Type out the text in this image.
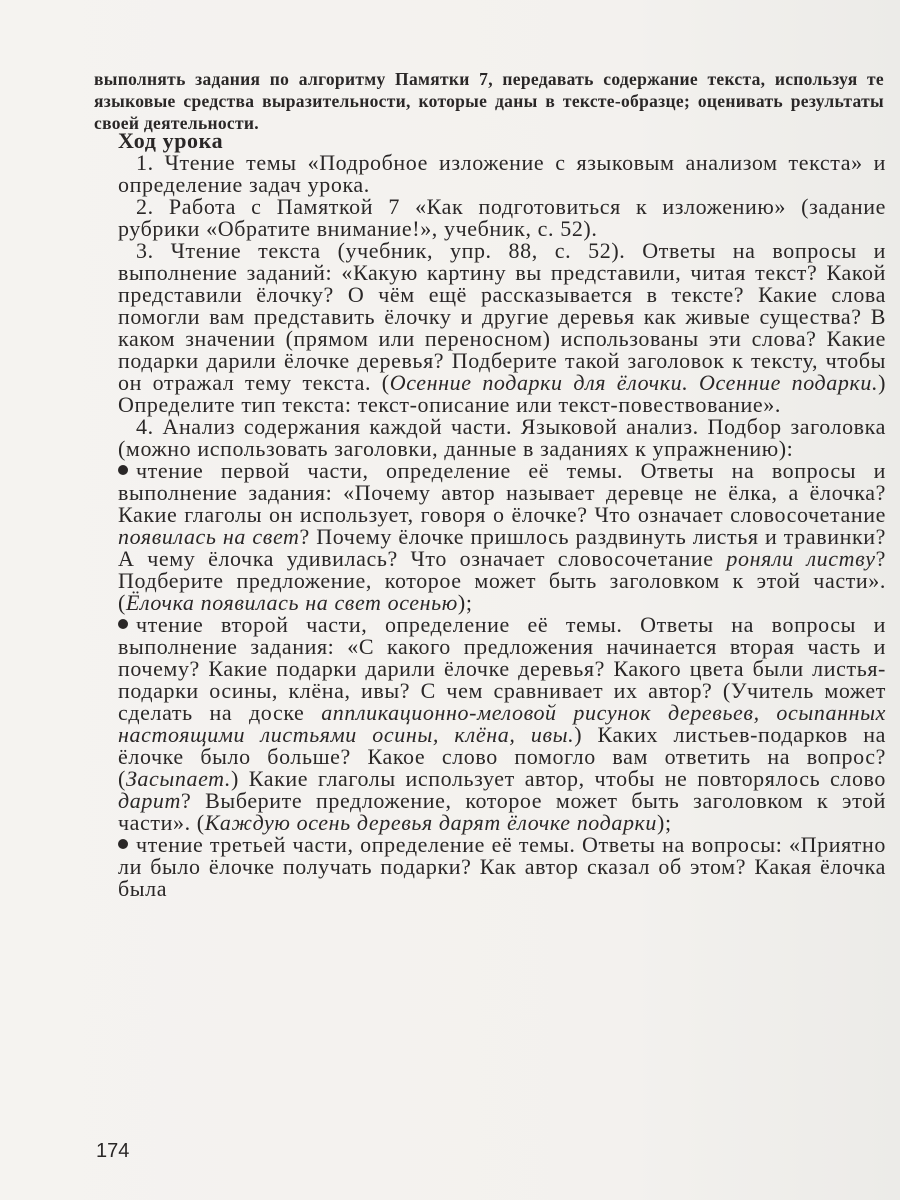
выполнять задания по алгоритму Памятки 7, передавать содержание текста, используя те языковые средства выразительности, которые даны в тексте-образце; оценивать результаты своей деятельности.

Ход урока

1. Чтение темы «Подробное изложение с языковым анализом текста» и определение задач урока.

2. Работа с Памяткой 7 «Как подготовиться к изложению» (задание рубрики «Обратите внимание!», учебник, с. 52).

3. Чтение текста (учебник, упр. 88, с. 52). Ответы на вопросы и выполнение заданий: «Какую картину вы представили, читая текст? Какой представили ёлочку? О чём ещё рассказывается в тексте? Какие слова помогли вам представить ёлочку и другие деревья как живые существа? В каком значении (прямом или переносном) использованы эти слова? Какие подарки дарили ёлочке деревья? Подберите такой заголовок к тексту, чтобы он отражал тему текста. (Осенние подарки для ёлочки. Осенние подарки.) Определите тип текста: текст-описание или текст-повествование».

4. Анализ содержания каждой части. Языковой анализ. Подбор заголовка (можно использовать заголовки, данные в заданиях к упражнению):

чтение первой части, определение её темы. Ответы на вопросы и выполнение задания: «Почему автор называет деревце не ёлка, а ёлочка? Какие глаголы он использует, говоря о ёлочке? Что означает словосочетание появилась на свет? Почему ёлочке пришлось раздвинуть листья и травинки? А чему ёлочка удивилась? Что означает словосочетание роняли листву? Подберите предложение, которое может быть заголовком к этой части». (Ёлочка появилась на свет осенью);

чтение второй части, определение её темы. Ответы на вопросы и выполнение задания: «С какого предложения начинается вторая часть и почему? Какие подарки дарили ёлочке деревья? Какого цвета были листья-подарки осины, клёна, ивы? С чем сравнивает их автор? (Учитель может сделать на доске аппликационно-меловой рисунок деревьев, осыпанных настоящими листьями осины, клёна, ивы.) Каких листьев-подарков на ёлочке было больше? Какое слово помогло вам ответить на вопрос? (Засыпает.) Какие глаголы использует автор, чтобы не повторялось слово дарит? Выберите предложение, которое может быть заголовком к этой части». (Каждую осень деревья дарят ёлочке подарки);

чтение третьей части, определение её темы. Ответы на вопросы: «Приятно ли было ёлочке получать подарки? Как автор сказал об этом? Какая ёлочка была

174
